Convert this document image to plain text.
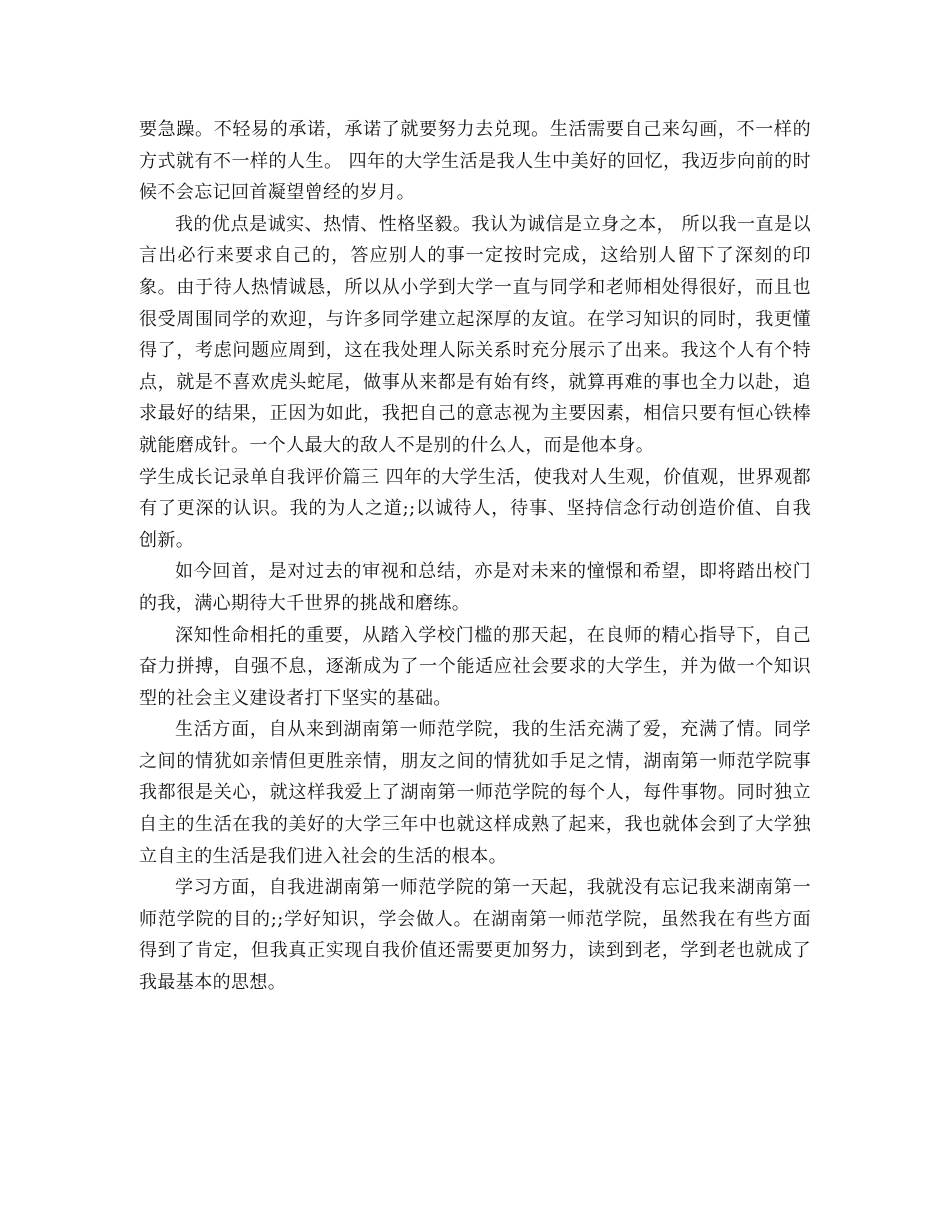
要急躁。不轻易的承诺，承诺了就要努力去兑现。生活需要自己来勾画，不一样的方式就有不一样的人生。 四年的大学生活是我人生中美好的回忆，我迈步向前的时候不会忘记回首凝望曾经的岁月。

我的优点是诚实、热情、性格坚毅。我认为诚信是立身之本， 所以我一直是以言出必行来要求自己的，答应别人的事一定按时完成，这给别人留下了深刻的印象。由于待人热情诚恳，所以从小学到大学一直与同学和老师相处得很好，而且也很受周围同学的欢迎，与许多同学建立起深厚的友谊。在学习知识的同时，我更懂得了，考虑问题应周到，这在我处理人际关系时充分展示了出来。我这个人有个特点，就是不喜欢虎头蛇尾，做事从来都是有始有终，就算再难的事也全力以赴，追求最好的结果，正因为如此，我把自己的意志视为主要因素，相信只要有恒心铁棒就能磨成针。一个人最大的敌人不是别的什么人，而是他本身。

学生成长记录单自我评价篇三 四年的大学生活，使我对人生观，价值观，世界观都有了更深的认识。我的为人之道;;以诚待人，待事、坚持信念行动创造价值、自我创新。

如今回首，是对过去的审视和总结，亦是对未来的憧憬和希望，即将踏出校门的我，满心期待大千世界的挑战和磨练。

深知性命相托的重要，从踏入学校门槛的那天起，在良师的精心指导下，自己奋力拼搏，自强不息，逐渐成为了一个能适应社会要求的大学生，并为做一个知识型的社会主义建设者打下坚实的基础。

生活方面，自从来到湖南第一师范学院，我的生活充满了爱，充满了情。同学之间的情犹如亲情但更胜亲情，朋友之间的情犹如手足之情，湖南第一师范学院事我都很是关心，就这样我爱上了湖南第一师范学院的每个人，每件事物。同时独立自主的生活在我的美好的大学三年中也就这样成熟了起来，我也就体会到了大学独立自主的生活是我们进入社会的生活的根本。

学习方面，自我进湖南第一师范学院的第一天起，我就没有忘记我来湖南第一师范学院的目的;;学好知识，学会做人。在湖南第一师范学院，虽然我在有些方面得到了肯定，但我真正实现自我价值还需要更加努力，读到到老，学到老也就成了我最基本的思想。
